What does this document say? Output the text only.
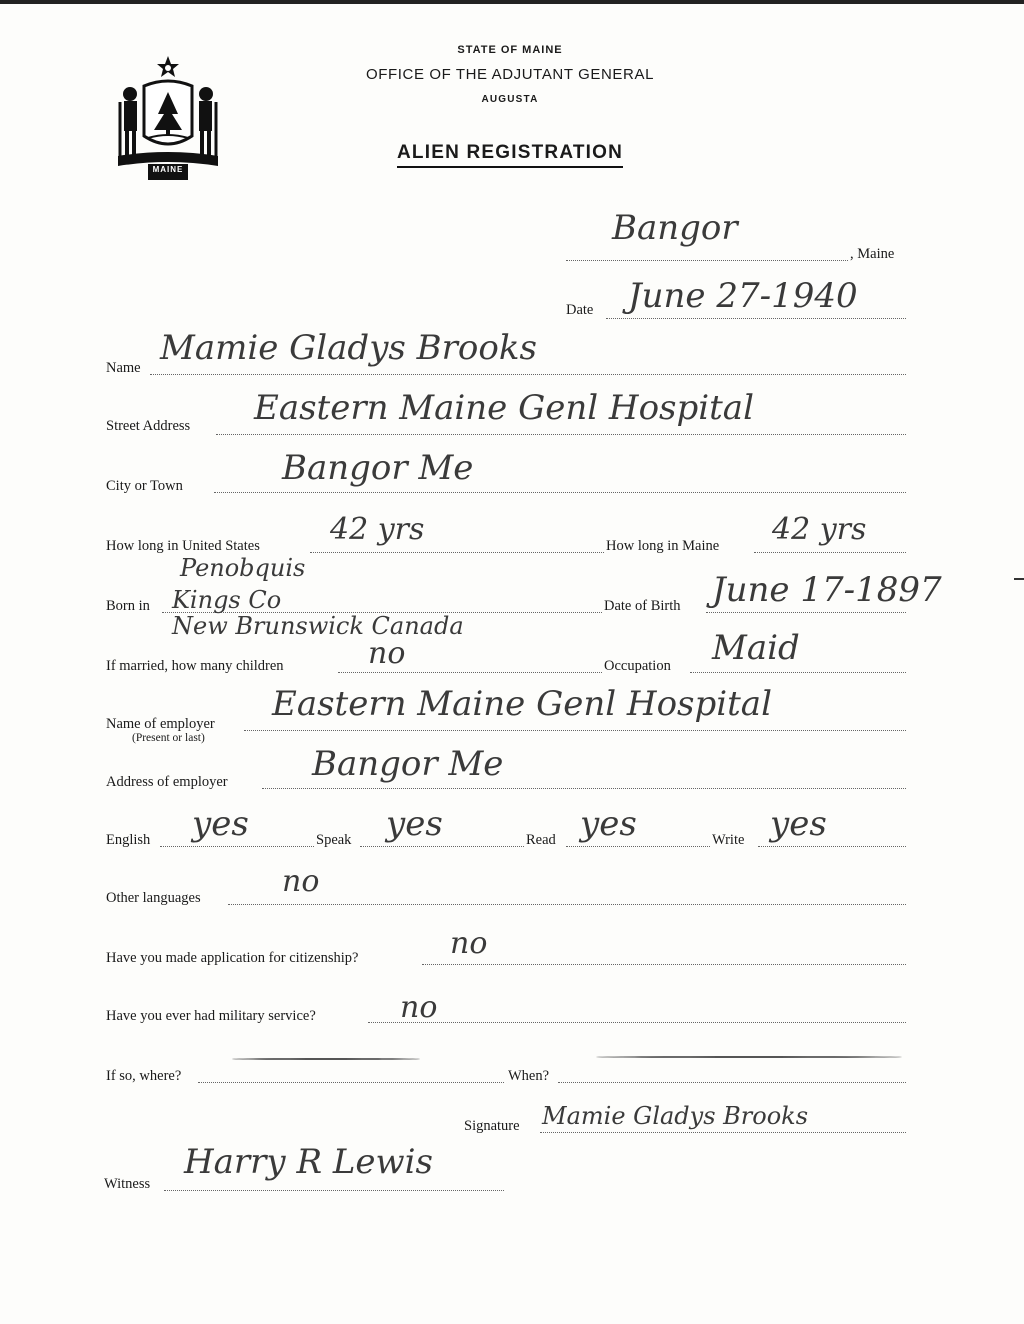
MAINE
STATE OF MAINE
OFFICE OF THE ADJUTANT GENERAL
AUGUSTA
ALIEN REGISTRATION
, Maine
Bangor
Date June 27-1940
Name Mamie Gladys Brooks
Street Address Eastern Maine Genl Hospital
City or Town	Bangor Me
How long in United States 42 yrs	How long in Maine 42 yrs
Penobquis
Born in Kings Co
New Brunswick Canada
Date of Birth June 17-1897
If married, how many children	no	Occupation Maid
Name of employer
(Present or last)
Eastern Maine Genl Hospital
Address of employer Bangor Me
English yes	Speak yes	Read yes	Write yes
Other languages	no
Have you made application for citizenship?	no
Have you ever had military service?	no
If so, where?	When?
Signature Mamie Gladys Brooks
Witness
Harry R Lewis
